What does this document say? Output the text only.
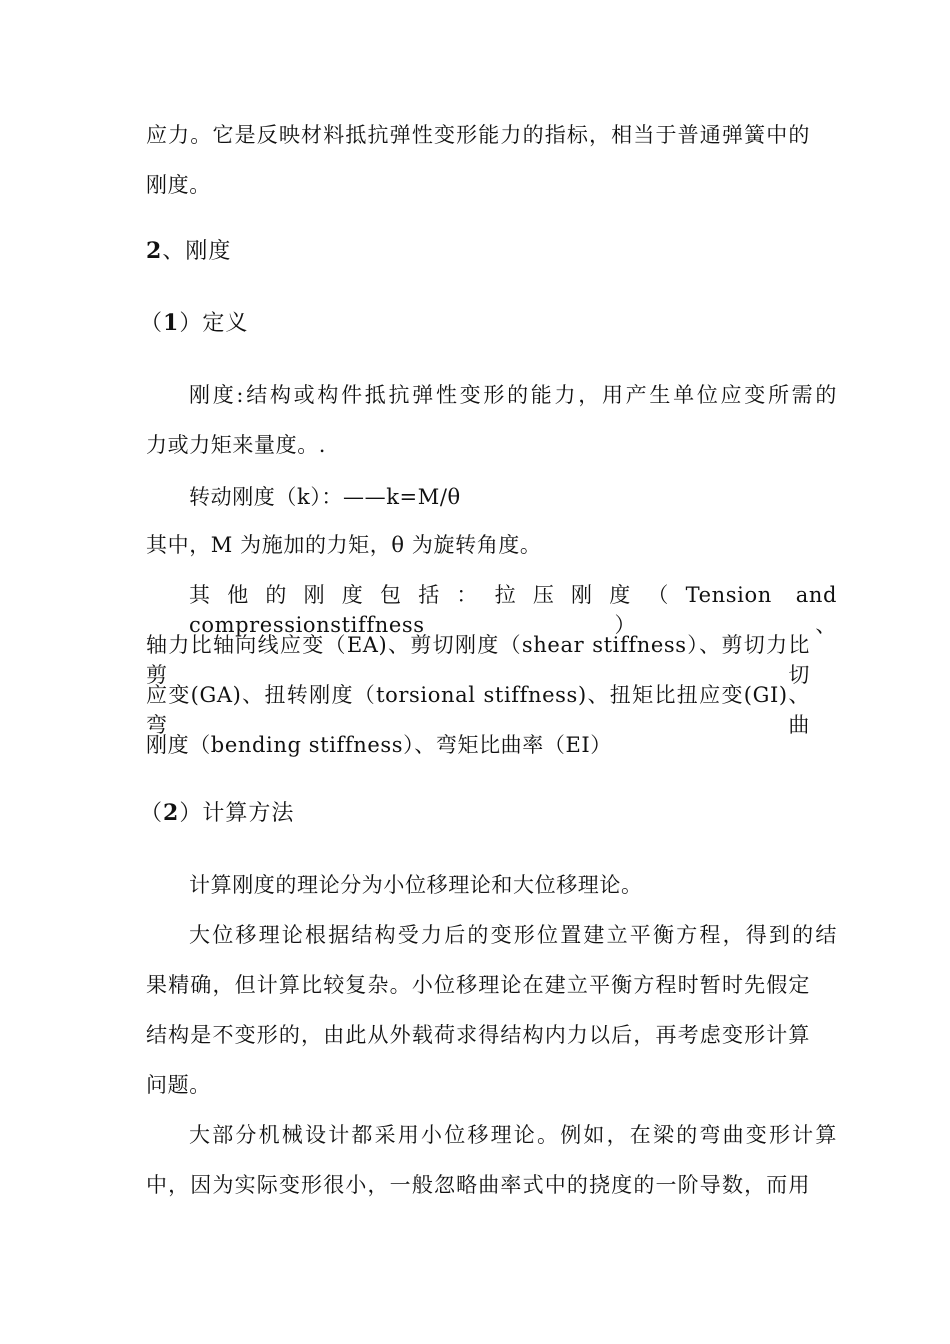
应力。它是反映材料抵抗弹性变形能力的指标，相当于普通弹簧中的
刚度。
2、刚度
（1）定义
刚度:结构或构件抵抗弹性变形的能力，用产生单位应变所需的
力或力矩来量度。.
转动刚度（k）：——k=M/θ
其中，M 为施加的力矩，θ 为旋转角度。
其他的刚度包括：拉压刚度（Tension and compressionstiffness）、
轴力比轴向线应变（EA)、剪切刚度（shear stiffness）、剪切力比剪切
应变(GA)、扭转刚度（torsional stiffness)、扭矩比扭应变(GI)、弯曲
刚度（bending stiffness）、弯矩比曲率（EI）
（2）计算方法
计算刚度的理论分为小位移理论和大位移理论。
大位移理论根据结构受力后的变形位置建立平衡方程，得到的结
果精确，但计算比较复杂。小位移理论在建立平衡方程时暂时先假定
结构是不变形的，由此从外载荷求得结构内力以后，再考虑变形计算
问题。
大部分机械设计都采用小位移理论。例如，在梁的弯曲变形计算
中，因为实际变形很小，一般忽略曲率式中的挠度的一阶导数，而用
